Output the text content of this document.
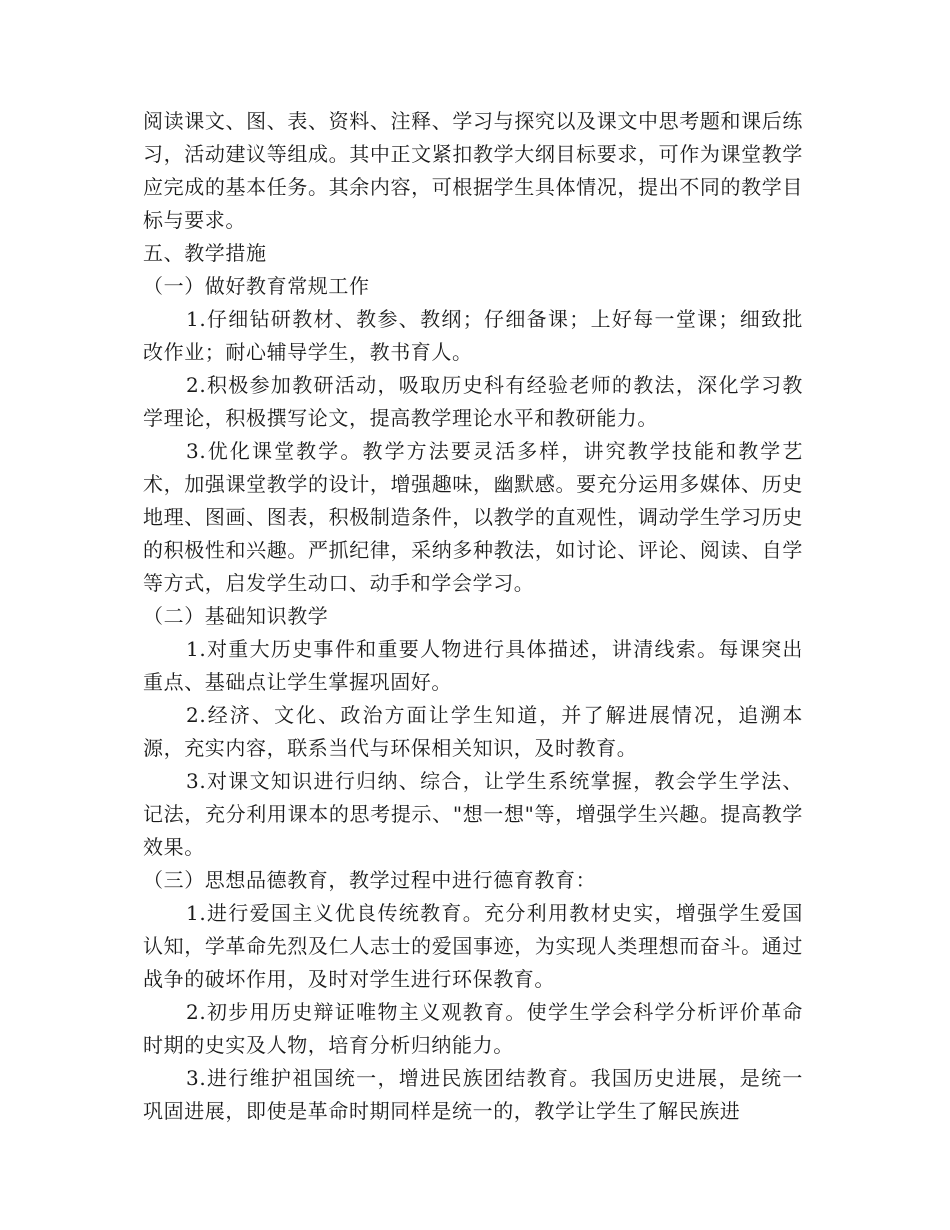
阅读课文、图、表、资料、注释、学习与探究以及课文中思考题和课后练习，活动建议等组成。其中正文紧扣教学大纲目标要求，可作为课堂教学应完成的基本任务。其余内容，可根据学生具体情况，提出不同的教学目标与要求。

五、教学措施

（一）做好教育常规工作

1.仔细钻研教材、教参、教纲；仔细备课；上好每一堂课；细致批改作业；耐心辅导学生，教书育人。

2.积极参加教研活动，吸取历史科有经验老师的教法，深化学习教学理论，积极撰写论文，提高教学理论水平和教研能力。

3.优化课堂教学。教学方法要灵活多样，讲究教学技能和教学艺术，加强课堂教学的设计，增强趣味，幽默感。要充分运用多媒体、历史地理、图画、图表，积极制造条件，以教学的直观性，调动学生学习历史的积极性和兴趣。严抓纪律，采纳多种教法，如讨论、评论、阅读、自学等方式，启发学生动口、动手和学会学习。

（二）基础知识教学

1.对重大历史事件和重要人物进行具体描述，讲清线索。每课突出重点、基础点让学生掌握巩固好。

2.经济、文化、政治方面让学生知道，并了解进展情况，追溯本源，充实内容，联系当代与环保相关知识，及时教育。

3.对课文知识进行归纳、综合，让学生系统掌握，教会学生学法、记法，充分利用课本的思考提示、"想一想"等，增强学生兴趣。提高教学效果。

（三）思想品德教育，教学过程中进行德育教育：

1.进行爱国主义优良传统教育。充分利用教材史实，增强学生爱国认知，学革命先烈及仁人志士的爱国事迹，为实现人类理想而奋斗。通过战争的破坏作用，及时对学生进行环保教育。

2.初步用历史辩证唯物主义观教育。使学生学会科学分析评价革命时期的史实及人物，培育分析归纳能力。

3.进行维护祖国统一，增进民族团结教育。我国历史进展，是统一巩固进展，即使是革命时期同样是统一的，教学让学生了解民族进
